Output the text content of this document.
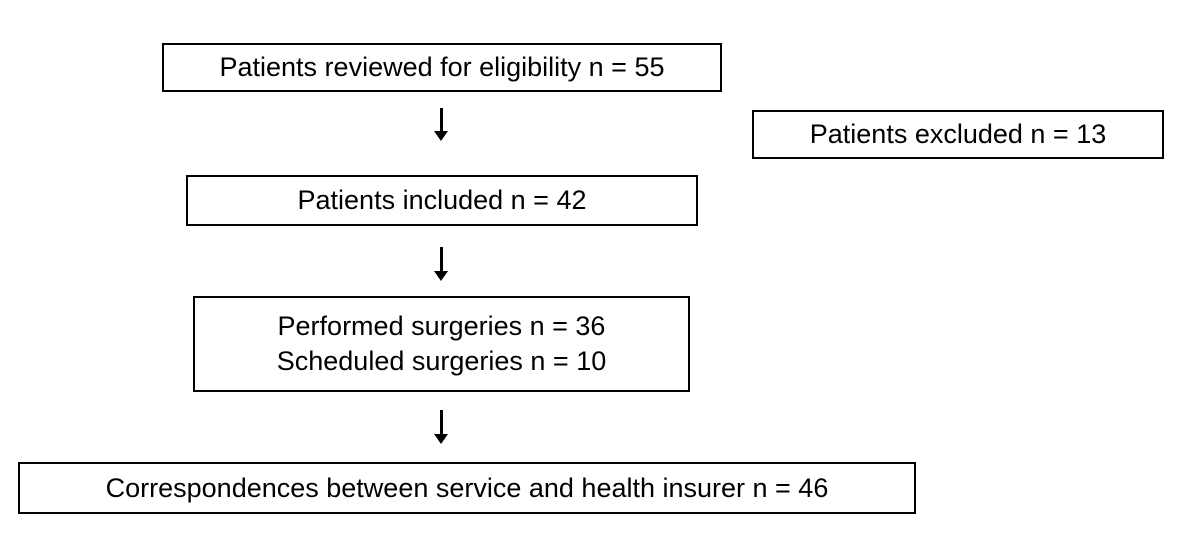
Patients reviewed for eligibility n = 55
Patients excluded n = 13
Patients included n = 42
Performed surgeries n = 36
Scheduled surgeries n = 10
Correspondences between service and health insurer n = 46
